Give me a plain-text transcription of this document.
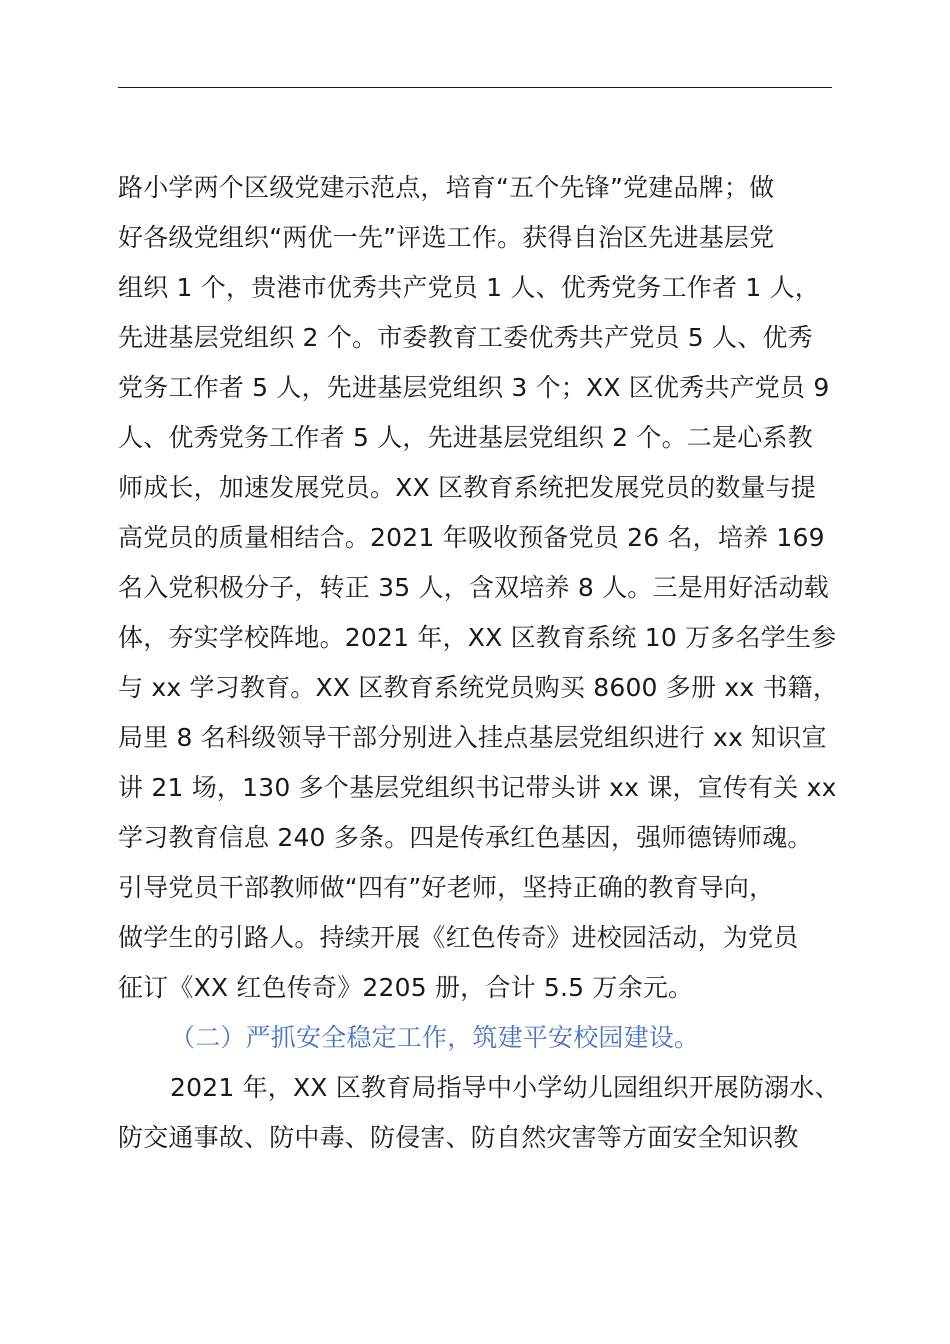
路小学两个区级党建示范点，培育“五个先锋”党建品牌；做
好各级党组织“两优一先”评选工作。获得自治区先进基层党
组织 1 个，贵港市优秀共产党员 1 人、优秀党务工作者 1 人，
先进基层党组织 2 个。市委教育工委优秀共产党员 5 人、优秀
党务工作者 5 人，先进基层党组织 3 个；XX 区优秀共产党员 9
人、优秀党务工作者 5 人，先进基层党组织 2 个。二是心系教
师成长，加速发展党员。XX 区教育系统把发展党员的数量与提
高党员的质量相结合。2021 年吸收预备党员 26 名，培养 169
名入党积极分子，转正 35 人，含双培养 8 人。三是用好活动载
体，夯实学校阵地。2021 年，XX 区教育系统 10 万多名学生参
与 xx 学习教育。XX 区教育系统党员购买 8600 多册 xx 书籍，
局里 8 名科级领导干部分别进入挂点基层党组织进行 xx 知识宣
讲 21 场，130 多个基层党组织书记带头讲 xx 课，宣传有关 xx
学习教育信息 240 多条。四是传承红色基因，强师德铸师魂。
引导党员干部教师做“四有”好老师，坚持正确的教育导向，
做学生的引路人。持续开展《红色传奇》进校园活动，为党员
征订《XX 红色传奇》2205 册，合计 5.5 万余元。
（二）严抓安全稳定工作，筑建平安校园建设。
2021 年，XX 区教育局指导中小学幼儿园组织开展防溺水、
防交通事故、防中毒、防侵害、防自然灾害等方面安全知识教
